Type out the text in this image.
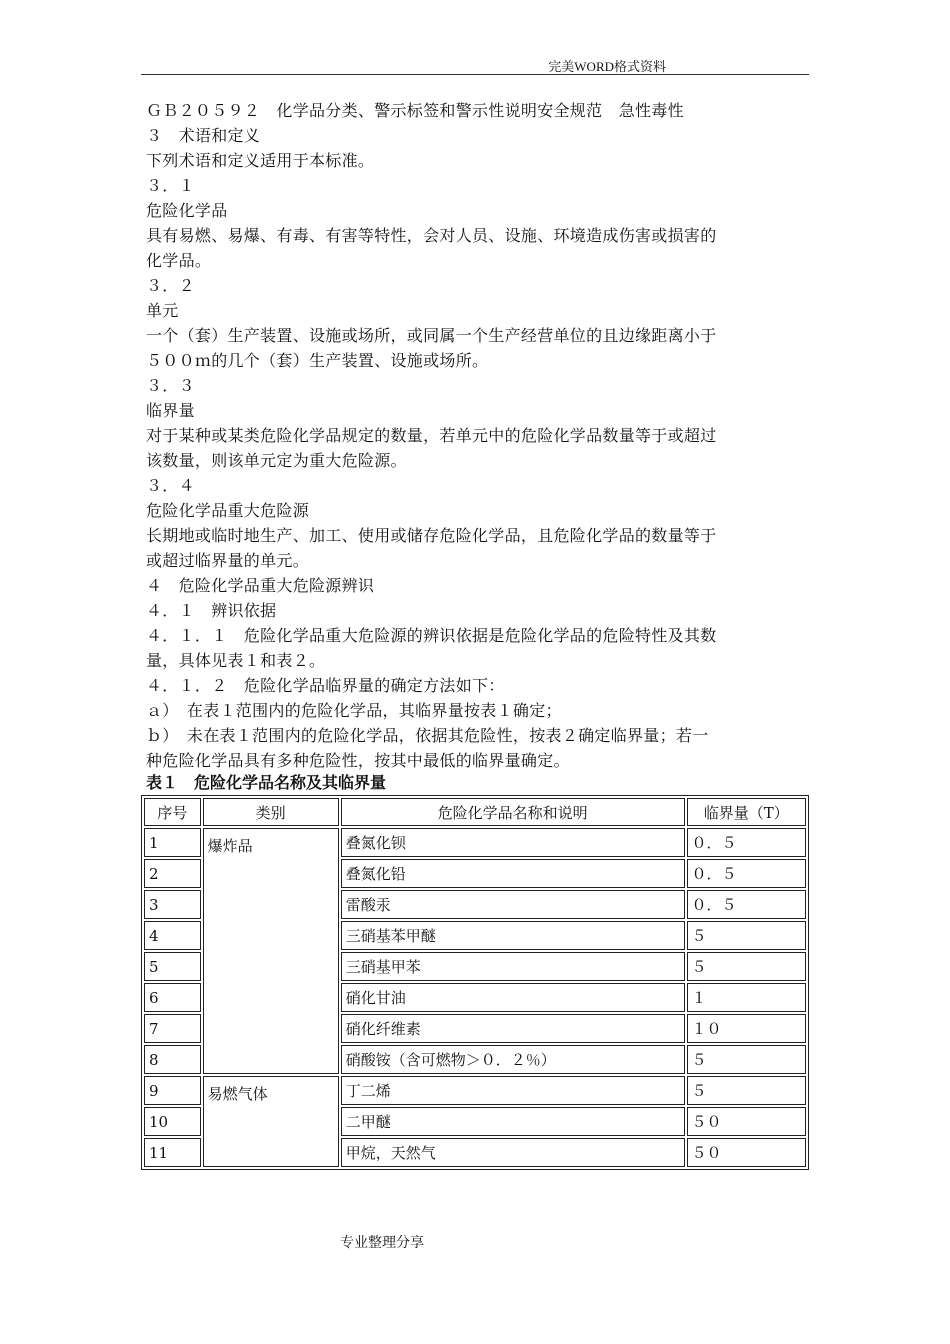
完美WORD格式资料
ＧＢ２０５９２　化学品分类、警示标签和警示性说明安全规范　急性毒性
３　术语和定义
下列术语和定义适用于本标准。
３．１
危险化学品
具有易燃、易爆、有毒、有害等特性，会对人员、设施、环境造成伤害或损害的
化学品。
３．２
单元
一个（套）生产装置、设施或场所，或同属一个生产经营单位的且边缘距离小于
５００ｍ的几个（套）生产装置、设施或场所。
３．３
临界量
对于某种或某类危险化学品规定的数量，若单元中的危险化学品数量等于或超过
该数量，则该单元定为重大危险源。
３．４
危险化学品重大危险源
长期地或临时地生产、加工、使用或储存危险化学品，且危险化学品的数量等于
或超过临界量的单元。
４　危险化学品重大危险源辨识
４．１　辨识依据
４．１．１　危险化学品重大危险源的辨识依据是危险化学品的危险特性及其数
量，具体见表１和表２。
４．１．２　危险化学品临界量的确定方法如下：
ａ）　在表１范围内的危险化学品，其临界量按表１确定；
ｂ）　未在表１范围内的危险化学品，依据其危险性，按表２确定临界量；若一
种危险化学品具有多种危险性，按其中最低的临界量确定。
表１　危险化学品名称及其临界量
序号	类别	危险化学品名称和说明	临界量（T）
1	爆炸品	叠氮化钡	０．５
2		叠氮化铅	０．５
3		雷酸汞	０．５
4		三硝基苯甲醚	５
5		三硝基甲苯	５
6		硝化甘油	１
7		硝化纤维素	１０
8		硝酸铵（含可燃物＞０．２％）	５
9	易燃气体	丁二烯	５
10		二甲醚	５０
11		甲烷，天然气	５０
专业整理分享
